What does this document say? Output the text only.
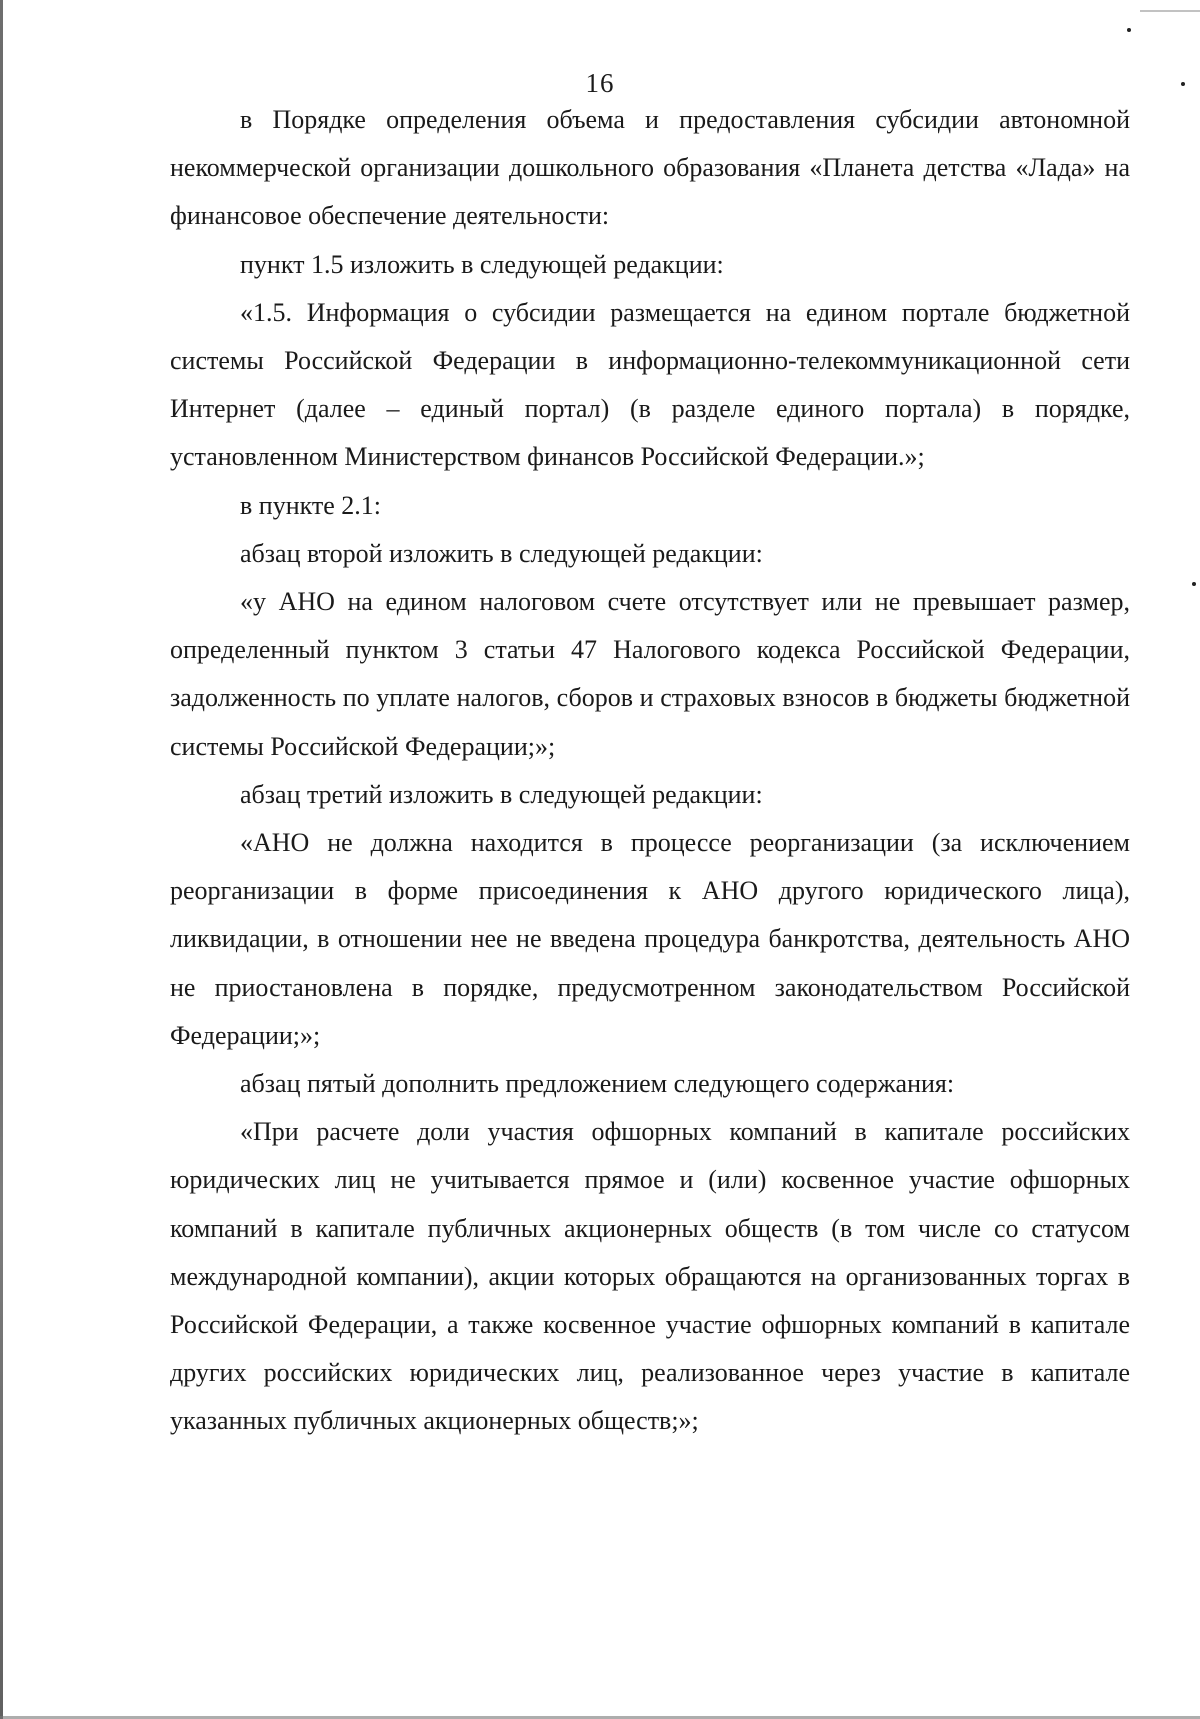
16

в Порядке определения объема и предоставления субсидии автономной некоммерческой организации дошкольного образования «Планета детства «Лада» на финансовое обеспечение деятельности:

пункт 1.5 изложить в следующей редакции:

«1.5. Информация о субсидии размещается на едином портале бюджетной системы Российской Федерации в информационно-телекоммуникационной сети Интернет (далее – единый портал) (в разделе единого портала) в порядке, установленном Министерством финансов Российской Федерации.»;

в пункте 2.1:

абзац второй изложить в следующей редакции:

«у АНО на едином налоговом счете отсутствует или не превышает размер, определенный пунктом 3 статьи 47 Налогового кодекса Российской Федерации, задолженность по уплате налогов, сборов и страховых взносов в бюджеты бюджетной системы Российской Федерации;»;

абзац третий изложить в следующей редакции:

«АНО не должна находится в процессе реорганизации (за исключением реорганизации в форме присоединения к АНО другого юридического лица), ликвидации, в отношении нее не введена процедура банкротства, деятельность АНО не приостановлена в порядке, предусмотренном законодательством Российской Федерации;»;

абзац пятый дополнить предложением следующего содержания:

«При расчете доли участия офшорных компаний в капитале российских юридических лиц не учитывается прямое и (или) косвенное участие офшорных компаний в капитале публичных акционерных обществ (в том числе со статусом международной компании), акции которых обращаются на организованных торгах в Российской Федерации, а также косвенное участие офшорных компаний в капитале других российских юридических лиц, реализованное через участие в капитале указанных публичных акционерных обществ;»;
